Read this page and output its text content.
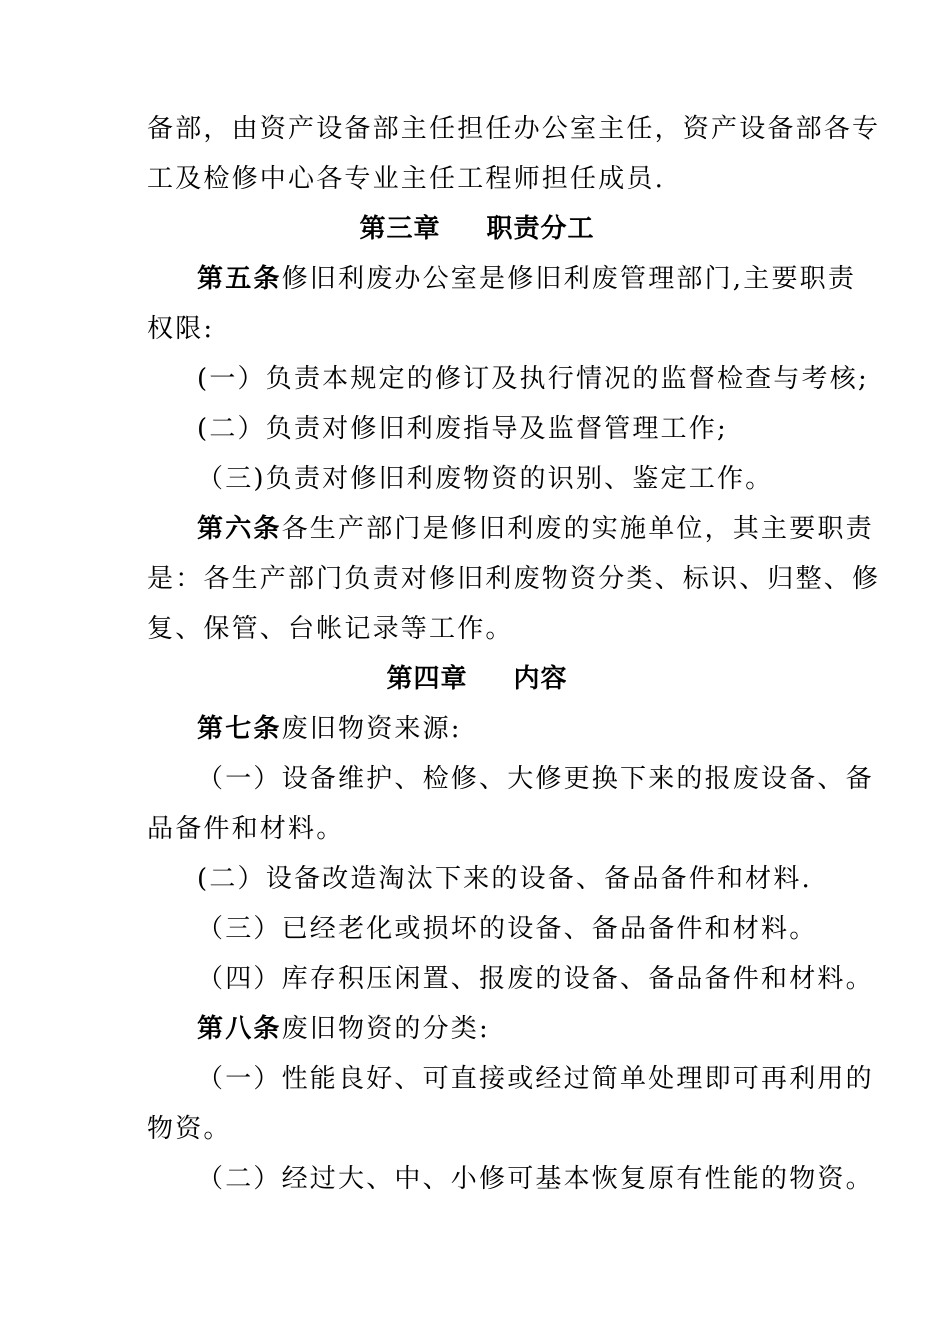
备部，由资产设备部主任担任办公室主任，资产设备部各专
工及检修中心各专业主任工程师担任成员.
第三章 职责分工
第五条修旧利废办公室是修旧利废管理部门,主要职责
权限:
(一）负责本规定的修订及执行情况的监督检查与考核;
(二）负责对修旧利废指导及监督管理工作;
（三)负责对修旧利废物资的识别、鉴定工作。
第六条各生产部门是修旧利废的实施单位，其主要职责
是：各生产部门负责对修旧利废物资分类、标识、归整、修
复、保管、台帐记录等工作。
第四章 内容
第七条废旧物资来源:
（一）设备维护、检修、大修更换下来的报废设备、备
品备件和材料。
(二）设备改造淘汰下来的设备、备品备件和材料.
（三）已经老化或损坏的设备、备品备件和材料。
（四）库存积压闲置、报废的设备、备品备件和材料。
第八条废旧物资的分类:
（一）性能良好、可直接或经过简单处理即可再利用的
物资。
（二）经过大、中、小修可基本恢复原有性能的物资。
